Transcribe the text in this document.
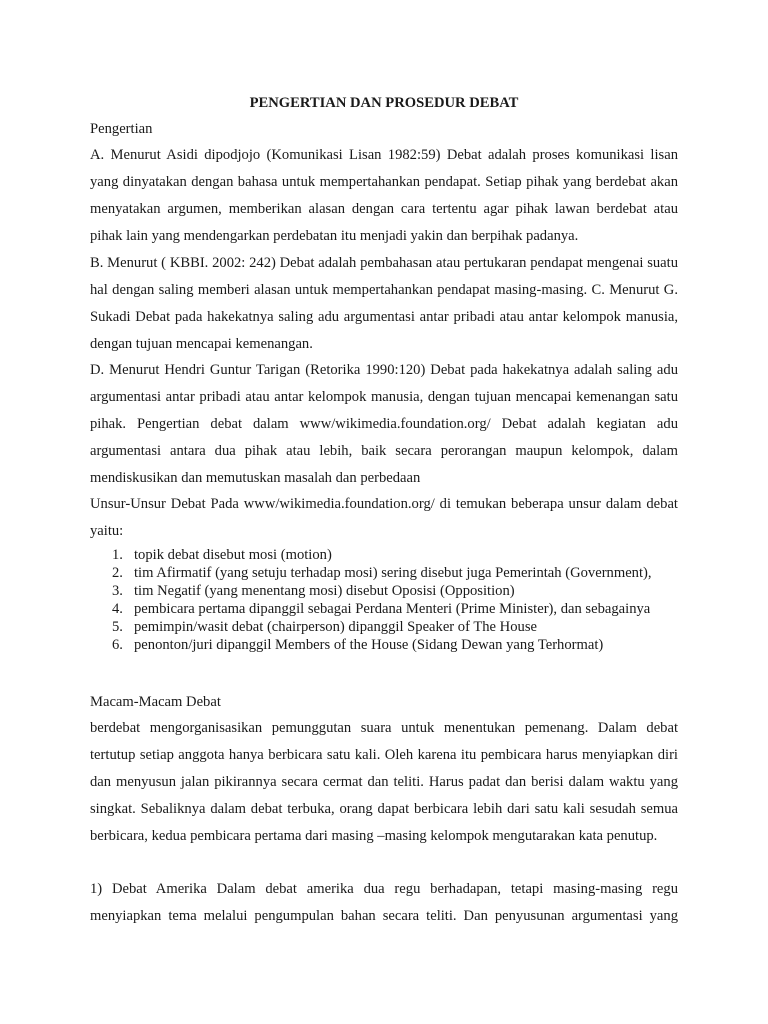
PENGERTIAN DAN PROSEDUR DEBAT
Pengertian
A. Menurut Asidi dipodjojo (Komunikasi Lisan 1982:59) Debat adalah proses komunikasi lisan yang dinyatakan dengan bahasa untuk mempertahankan pendapat. Setiap pihak yang berdebat akan menyatakan argumen, memberikan alasan dengan cara tertentu agar pihak lawan berdebat atau pihak lain yang mendengarkan perdebatan itu menjadi yakin dan berpihak padanya.
B. Menurut ( KBBI. 2002: 242) Debat adalah pembahasan atau pertukaran pendapat mengenai suatu hal dengan saling memberi alasan untuk mempertahankan pendapat masing-masing. C. Menurut G. Sukadi Debat pada hakekatnya saling adu argumentasi antar pribadi atau antar kelompok manusia, dengan tujuan mencapai kemenangan.
D. Menurut Hendri Guntur Tarigan (Retorika 1990:120) Debat pada hakekatnya adalah saling adu argumentasi antar pribadi atau antar kelompok manusia, dengan tujuan mencapai kemenangan satu pihak. Pengertian debat dalam www/wikimedia.foundation.org/ Debat adalah kegiatan adu argumentasi antara dua pihak atau lebih, baik secara perorangan maupun kelompok, dalam mendiskusikan dan memutuskan masalah dan perbedaan
Unsur-Unsur Debat Pada www/wikimedia.foundation.org/ di temukan beberapa unsur dalam debat yaitu:
1. topik debat disebut mosi (motion)
2. tim Afirmatif (yang setuju terhadap mosi) sering disebut juga Pemerintah (Government),
3. tim Negatif (yang menentang mosi) disebut Oposisi (Opposition)
4. pembicara pertama dipanggil sebagai Perdana Menteri (Prime Minister), dan sebagainya
5. pemimpin/wasit debat (chairperson) dipanggil Speaker of The House
6. penonton/juri dipanggil Members of the House (Sidang Dewan yang Terhormat)
Macam-Macam Debat
berdebat mengorganisasikan pemunggutan suara untuk menentukan pemenang. Dalam debat tertutup setiap anggota hanya berbicara satu kali. Oleh karena itu pembicara harus menyiapkan diri dan menyusun jalan pikirannya secara cermat dan teliti. Harus padat dan berisi dalam waktu yang singkat. Sebaliknya dalam debat terbuka, orang dapat berbicara lebih dari satu kali sesudah semua berbicara, kedua pembicara pertama dari masing –masing kelompok mengutarakan kata penutup.
1) Debat Amerika Dalam debat amerika dua regu berhadapan, tetapi masing-masing regu
menyiapkan tema melalui pengumpulan bahan secara teliti. Dan penyusunan argumentasi yang
